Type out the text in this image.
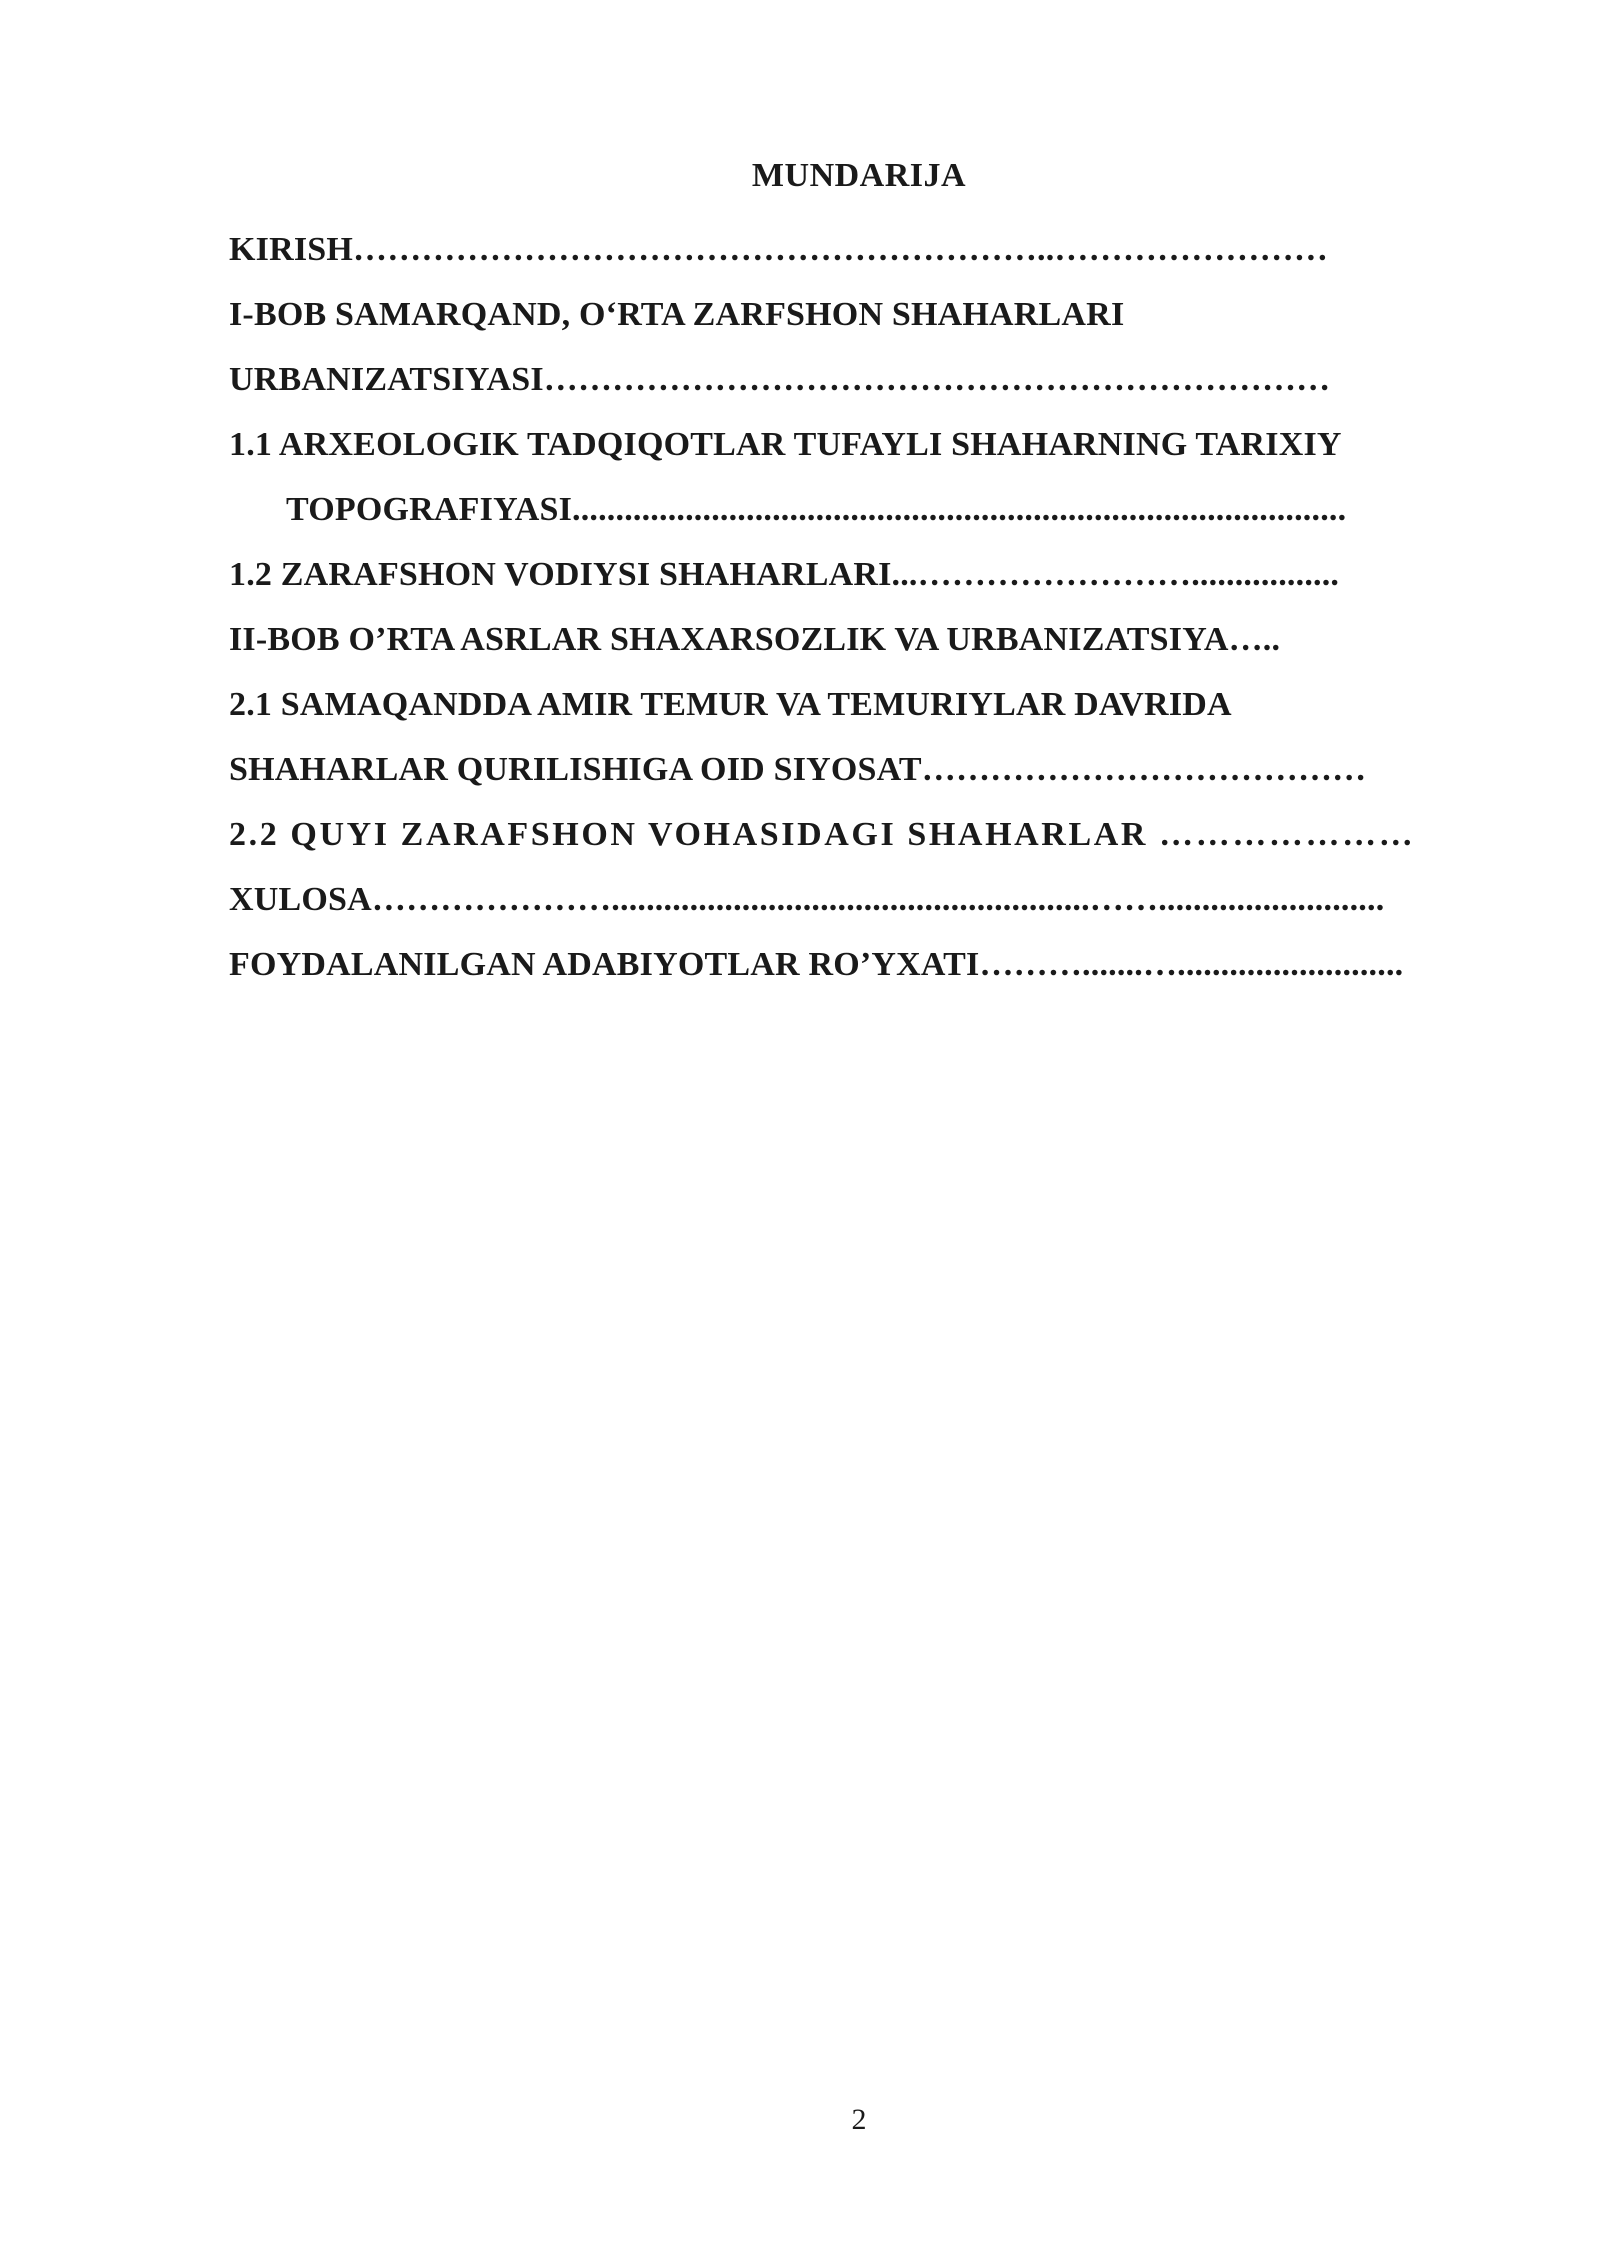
MUNDARIJA
KIRISH……………………………………………………..……………………
I-BOB SAMARQAND, O‘RTA ZARFSHON SHAHARLARI
URBANIZATSIYASI……………………………………………………………
1.1 ARXEOLOGIK TADQIQOTLAR TUFAYLI SHAHARNING TARIXIY
TOPOGRAFIYASI.........................................................................................
1.2 ZARAFSHON VODIYSI SHAHARLARI...…………………….................
II-BOB O’RTA ASRLAR SHAXARSOZLIK VA URBANIZATSIYA…..
2.1 SAMAQANDDA AMIR TEMUR VA TEMURIYLAR DAVRIDA
SHAHARLAR QURILISHIGA OID SIYOSAT…………………………………
2.2 QUYI ZARAFSHON VOHASIDAGI SHAHARLAR …………………
XULOSA………………….......................................................……..........................
FOYDALANILGAN ADABIYOTLAR RO’YXATI……….......…..........................
2
